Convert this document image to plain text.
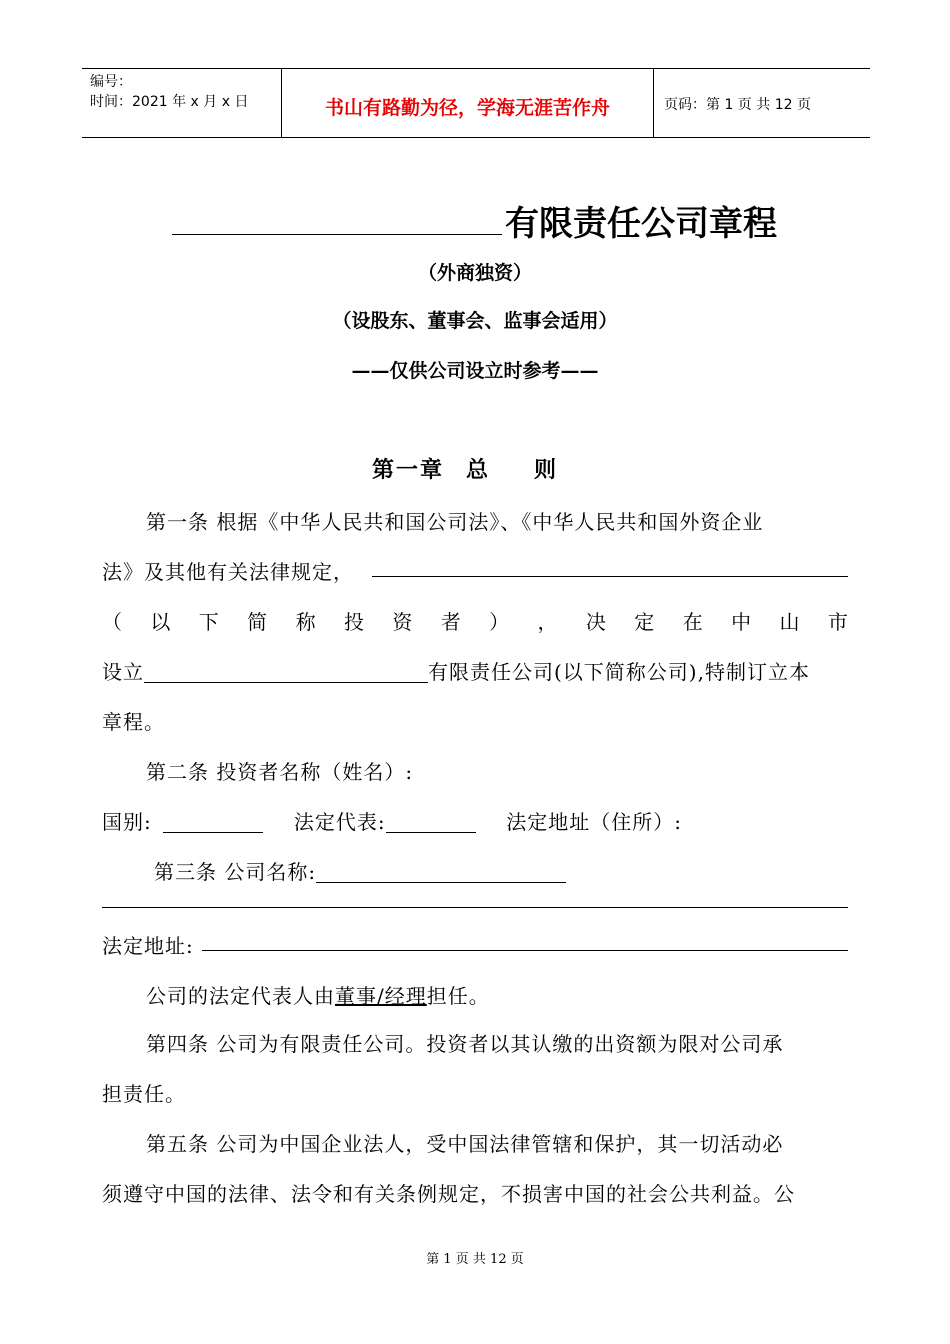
编号：
时间：2021 年 x 月 x 日	书山有路勤为径，学海无涯苦作舟	页码：第 1 页 共 12 页
有限责任公司章程
（外商独资）
（设股东、董事会、监事会适用）
——仅供公司设立时参考——
第一章 总 则
第一条 根据《中华人民共和国公司法》、《中华人民共和国外资企业
法》及其他有关法律规定，
（ 以 下 简 称 投 资 者 ） ， 决 定 在 中 山 市
设立	有限责任公司(以下简称公司),特制订立本
章程。
第二条 投资者名称（姓名）:
国别:	法定代表:	法定地址（住所）:
第三条 公司名称:
法定地址:
公司的法定代表人由董事/经理担任。
第四条 公司为有限责任公司。投资者以其认缴的出资额为限对公司承
担责任。
第五条 公司为中国企业法人，受中国法律管辖和保护，其一切活动必
须遵守中国的法律、法令和有关条例规定，不损害中国的社会公共利益。公
第 1 页 共 12 页
